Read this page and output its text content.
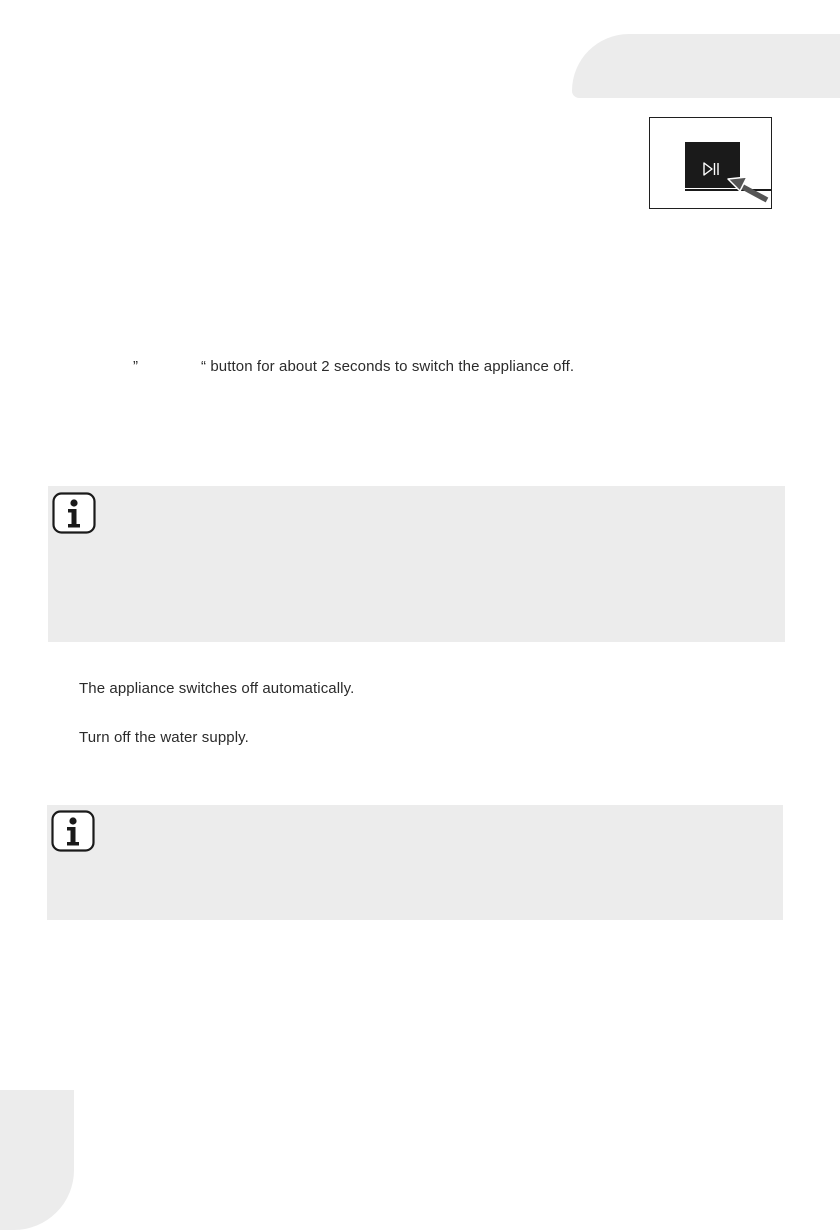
”	“ button for about 2 seconds to switch the appliance off.
The appliance switches off automatically.
Turn off the water supply.
